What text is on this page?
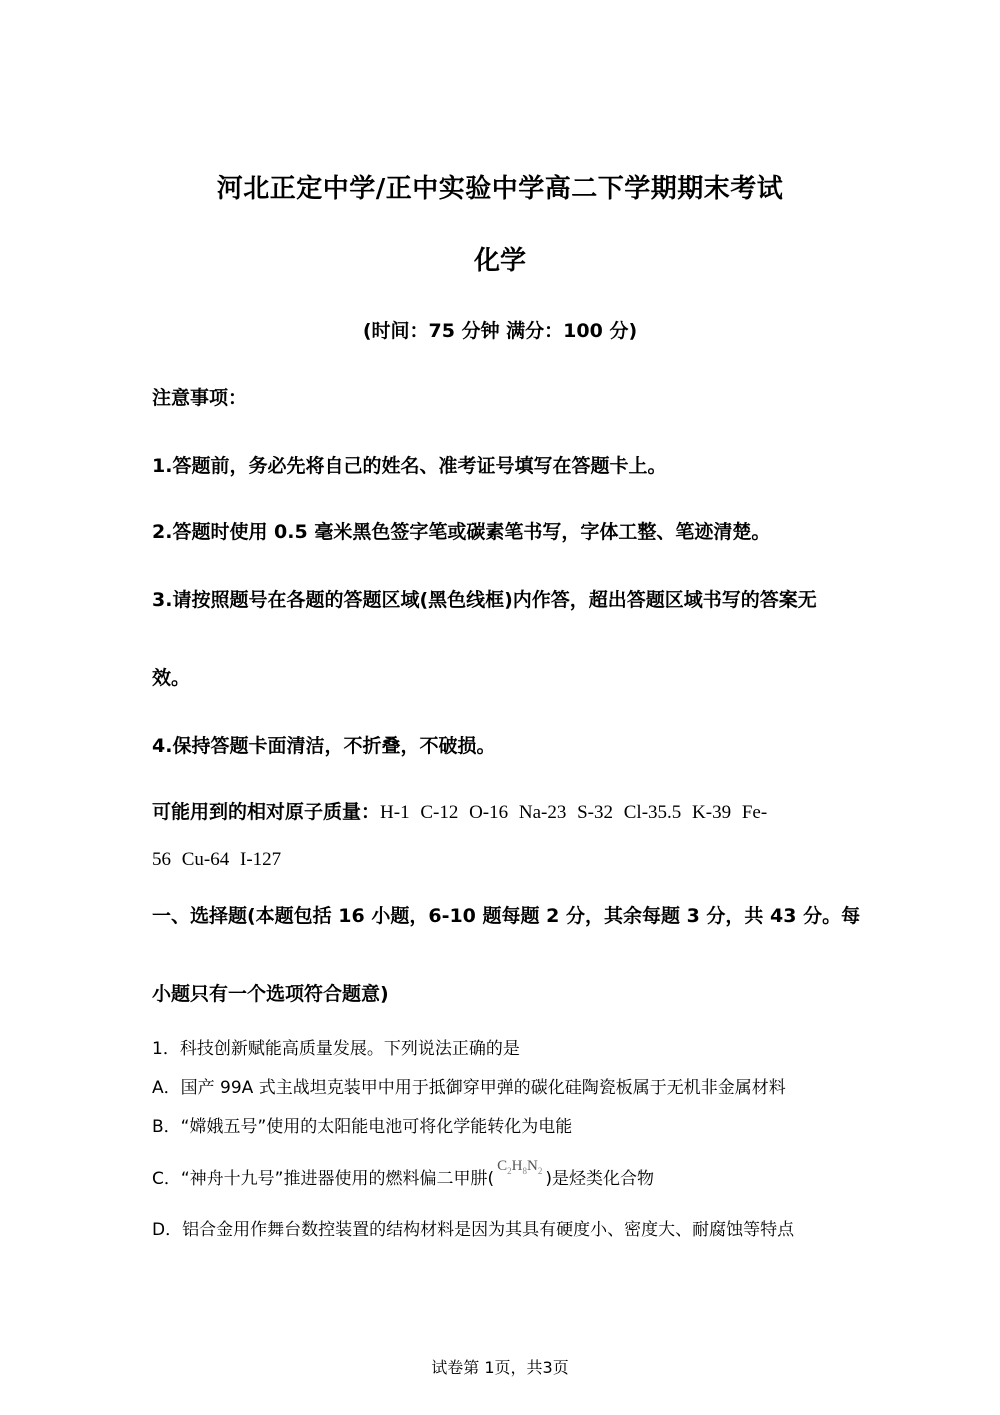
河北正定中学/正中实验中学高二下学期期末考试
化学
(时间：75 分钟 满分：100 分)
注意事项：
1.答题前，务必先将自己的姓名、准考证号填写在答题卡上。
2.答题时使用 0.5 毫米黑色签字笔或碳素笔书写，字体工整、笔迹清楚。
3.请按照题号在各题的答题区域(黑色线框)内作答，超出答题区域书写的答案无
效。
4.保持答题卡面清洁，不折叠，不破损。
可能用到的相对原子质量：H-1 C-12 O-16 Na-23 S-32 Cl-35.5 K-39 Fe-
56 Cu-64 I-127
一、选择题(本题包括 16 小题，6-10 题每题 2 分，其余每题 3 分，共 43 分。每
小题只有一个选项符合题意)
1．科技创新赋能高质量发展。下列说法正确的是
A．国产 99A 式主战坦克装甲中用于抵御穿甲弹的碳化硅陶瓷板属于无机非金属材料
B．“嫦娥五号”使用的太阳能电池可将化学能转化为电能
C．“神舟十九号”推进器使用的燃料偏二甲肼($C_2H_8N_2$ )是烃类化合物
D．铝合金用作舞台数控装置的结构材料是因为其具有硬度小、密度大、耐腐蚀等特点
试卷第 1页，共3页
